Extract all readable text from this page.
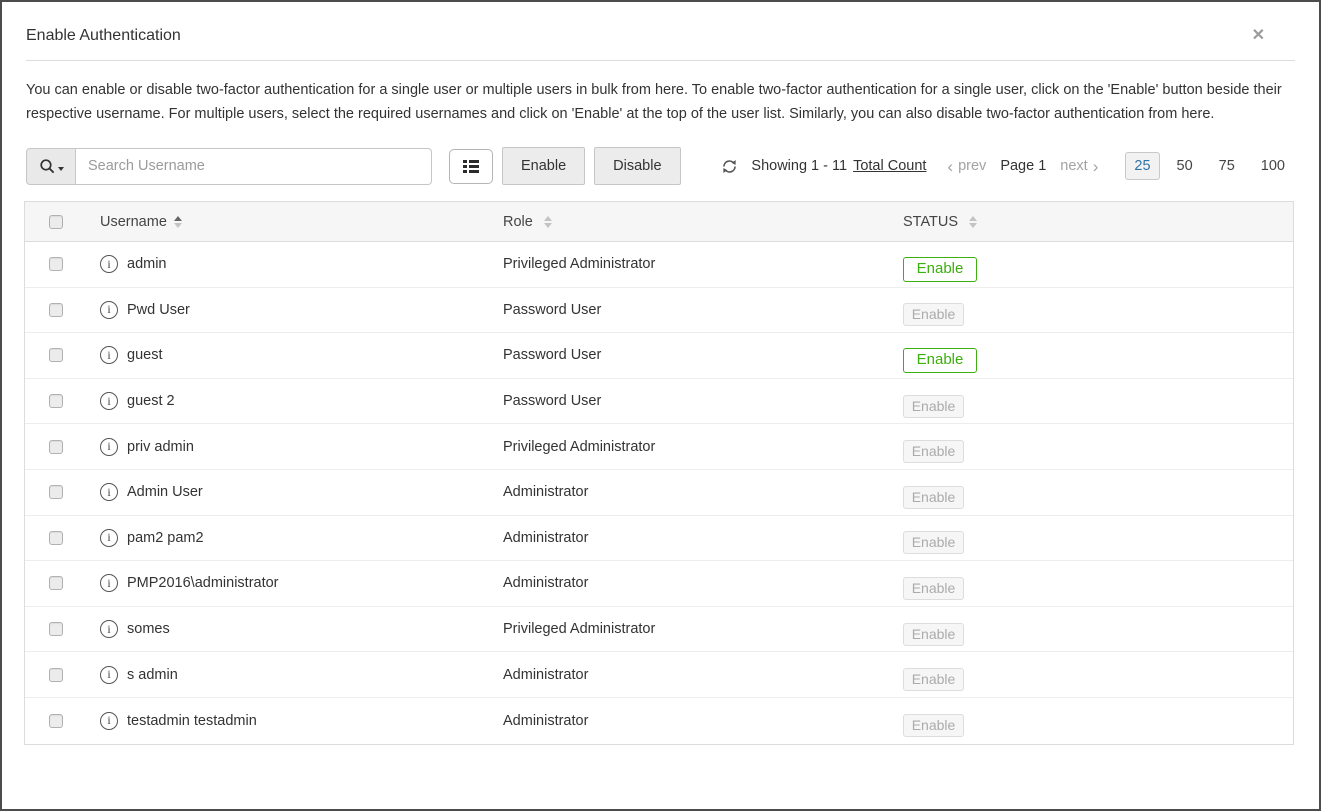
Enable Authentication	✕

You can enable or disable two-factor authentication for a single user or multiple users in bulk from here. To enable two-factor authentication for a single user, click on the 'Enable' button beside their respective username. For multiple users, select the required usernames and click on 'Enable' at the top of the user list. Similarly, you can also disable two-factor authentication from here.

Search Username
Enable	Disable	Showing 1 - 11 Total Count ‹ prev Page 1 next ›	25	50	75	100
Username	Role	STATUS
i	admin	Privileged Administrator	Enable
i	Pwd User	Password User	Enable
i	guest	Password User	Enable
i	guest 2	Password User	Enable
i	priv admin	Privileged Administrator	Enable
i	Admin User	Administrator	Enable
i	pam2 pam2	Administrator	Enable
i	PMP2016\administrator	Administrator	Enable
i	somes	Privileged Administrator	Enable
i	s admin	Administrator	Enable
i	testadmin testadmin	Administrator	Enable
